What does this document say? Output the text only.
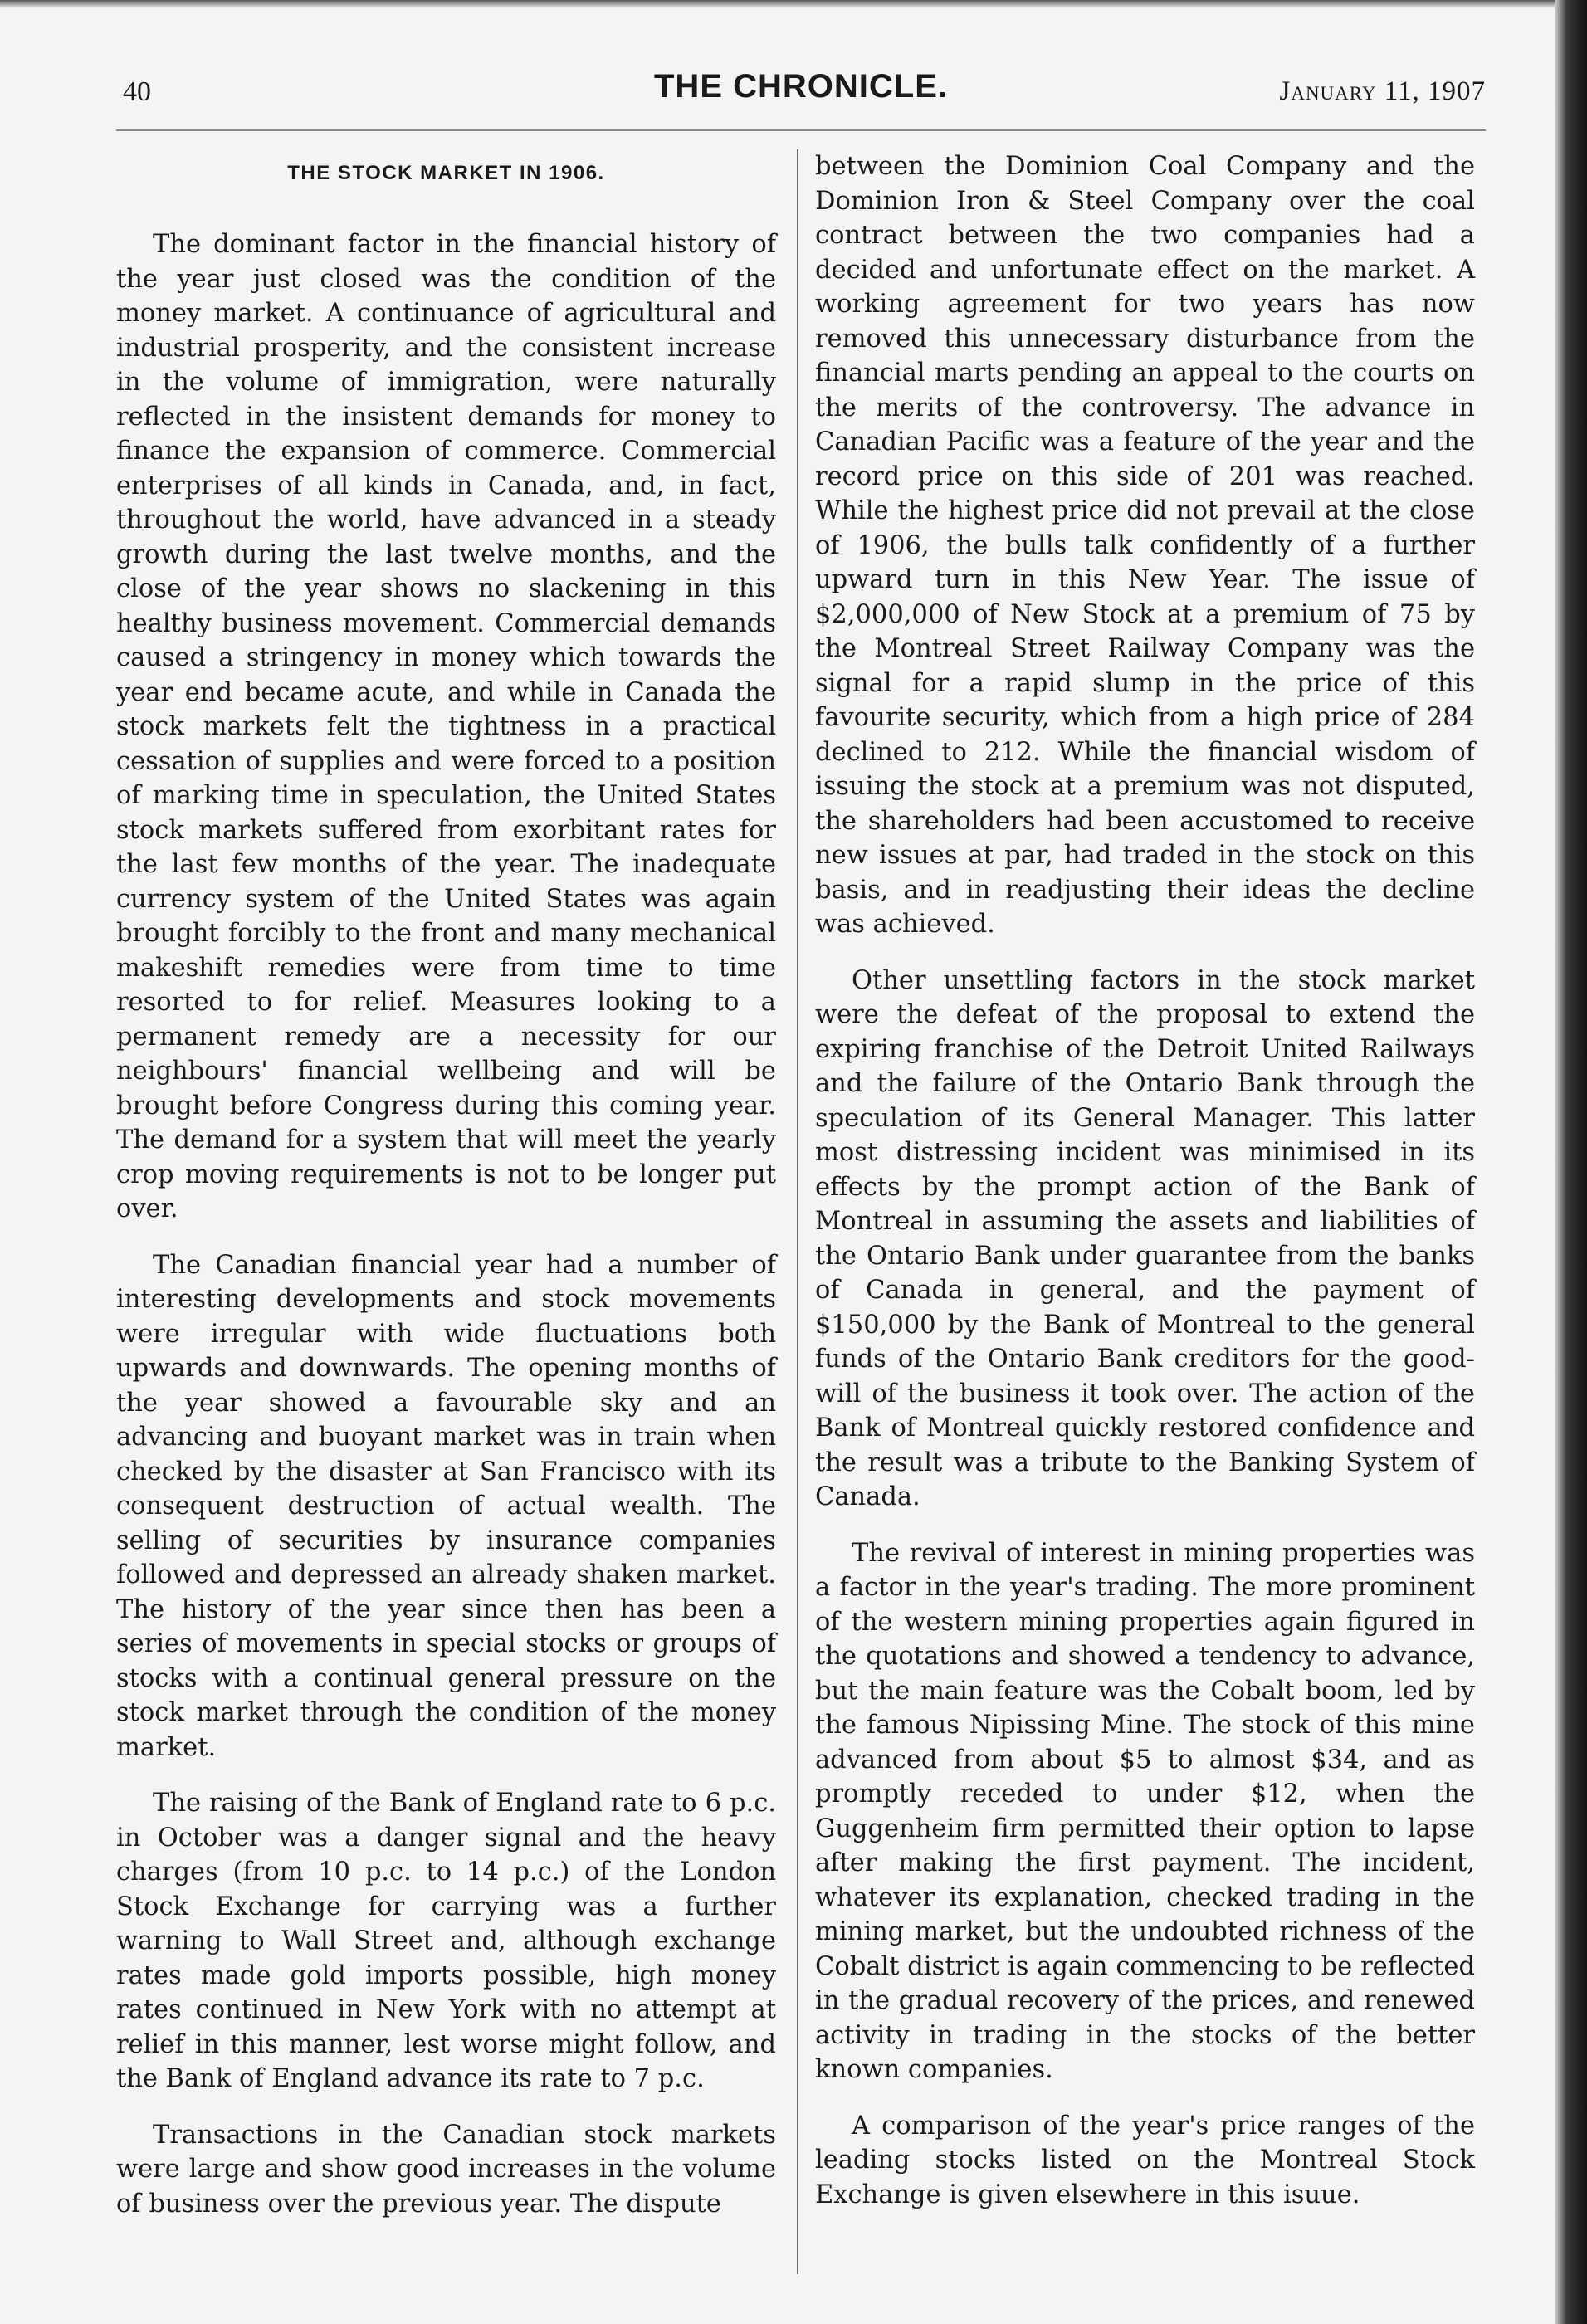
40	THE CHRONICLE.	January 11, 1907
THE STOCK MARKET IN 1906.

The dominant factor in the financial history of the year just closed was the condition of the money market. A continuance of agricultural and industrial prosperity, and the consistent increase in the volume of immigration, were naturally reflected in the insistent demands for money to finance the expansion of commerce. Commercial enterprises of all kinds in Canada, and, in fact, throughout the world, have advanced in a steady growth during the last twelve months, and the close of the year shows no slackening in this healthy business movement. Commercial demands caused a stringency in money which towards the year end became acute, and while in Canada the stock markets felt the tightness in a practical cessation of supplies and were forced to a position of marking time in speculation, the United States stock markets suffered from exorbitant rates for the last few months of the year. The inadequate currency system of the United States was again brought forcibly to the front and many mechanical makeshift remedies were from time to time resorted to for relief. Measures looking to a permanent remedy are a necessity for our neighbours' financial wellbeing and will be brought before Congress during this coming year. The demand for a system that will meet the yearly crop moving requirements is not to be longer put over.

The Canadian financial year had a number of interesting developments and stock movements were irregular with wide fluctuations both upwards and downwards. The opening months of the year showed a favourable sky and an advancing and buoyant market was in train when checked by the disaster at San Francisco with its consequent destruction of actual wealth. The selling of securities by insurance companies followed and depressed an already shaken market. The history of the year since then has been a series of movements in special stocks or groups of stocks with a continual general pressure on the stock market through the condition of the money market.

The raising of the Bank of England rate to 6 p.c. in October was a danger signal and the heavy charges (from 10 p.c. to 14 p.c.) of the London Stock Exchange for carrying was a further warning to Wall Street and, although exchange rates made gold imports possible, high money rates continued in New York with no attempt at relief in this manner, lest worse might follow, and the Bank of England advance its rate to 7 p.c.

Transactions in the Canadian stock markets were large and show good increases in the volume of business over the previous year. The dispute

between the Dominion Coal Company and the Dominion Iron & Steel Company over the coal contract between the two companies had a decided and unfortunate effect on the market. A working agreement for two years has now removed this unnecessary disturbance from the financial marts pending an appeal to the courts on the merits of the controversy. The advance in Canadian Pacific was a feature of the year and the record price on this side of 201 was reached. While the highest price did not prevail at the close of 1906, the bulls talk confidently of a further upward turn in this New Year. The issue of $2,000,000 of New Stock at a premium of 75 by the Montreal Street Railway Company was the signal for a rapid slump in the price of this favourite security, which from a high price of 284 declined to 212. While the financial wisdom of issuing the stock at a premium was not disputed, the shareholders had been accustomed to receive new issues at par, had traded in the stock on this basis, and in readjusting their ideas the decline was achieved.

Other unsettling factors in the stock market were the defeat of the proposal to extend the expiring franchise of the Detroit United Railways and the failure of the Ontario Bank through the speculation of its General Manager. This latter most distressing incident was minimised in its effects by the prompt action of the Bank of Montreal in assuming the assets and liabilities of the Ontario Bank under guarantee from the banks of Canada in general, and the payment of $150,000 by the Bank of Montreal to the general funds of the Ontario Bank creditors for the good-will of the business it took over. The action of the Bank of Montreal quickly restored confidence and the result was a tribute to the Banking System of Canada.

The revival of interest in mining properties was a factor in the year's trading. The more prominent of the western mining properties again figured in the quotations and showed a tendency to advance, but the main feature was the Cobalt boom, led by the famous Nipissing Mine. The stock of this mine advanced from about $5 to almost $34, and as promptly receded to under $12, when the Guggenheim firm permitted their option to lapse after making the first payment. The incident, whatever its explanation, checked trading in the mining market, but the undoubted richness of the Cobalt district is again commencing to be reflected in the gradual recovery of the prices, and renewed activity in trading in the stocks of the better known companies.

A comparison of the year's price ranges of the leading stocks listed on the Montreal Stock Exchange is given elsewhere in this isuue.
